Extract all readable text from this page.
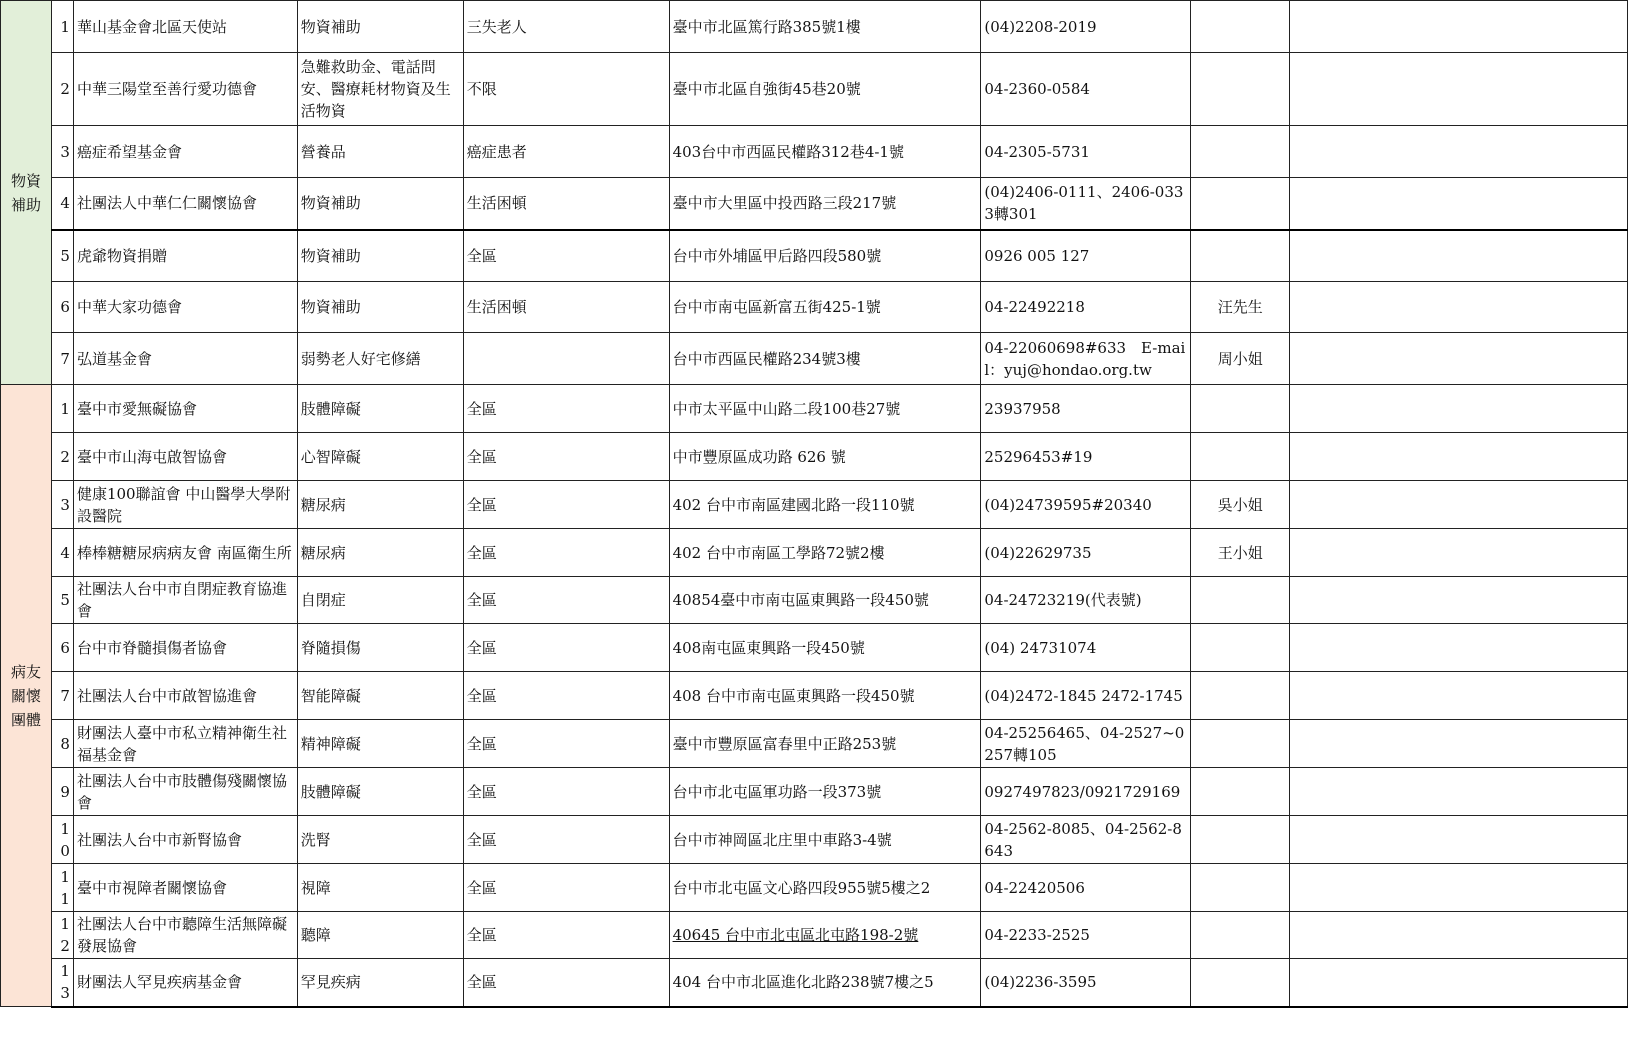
物資
補助	1	華山基金會北區天使站	物資補助	三失老人	臺中市北區篤行路385號1樓	(04)2208-2019		
	2	中華三陽堂至善行愛功德會	急難救助金、電話問安、醫療耗材物資及生活物資	不限	臺中市北區自強街45巷20號	04-2360-0584		
	3	癌症希望基金會	營養品	癌症患者	403台中市西區民權路312巷4-1號	04-2305-5731		
	4	社團法人中華仁仁關懷協會	物資補助	生活困頓	臺中市大里區中投西路三段217號	(04)2406-0111、2406-0333轉301		
	5	虎爺物資捐贈	物資補助	全區	台中市外埔區甲后路四段580號	0926 005 127		
	6	中華大家功德會	物資補助	生活困頓	台中市南屯區新富五街425-1號	04-22492218	汪先生	
	7	弘道基金會	弱勢老人好宅修繕		台中市西區民權路234號3樓	04-22060698#633　E-mail：yuj@hondao.org.tw	周小姐	

病友
關懷
團體	1	臺中市愛無礙協會	肢體障礙	全區	中市太平區中山路二段100巷27號	23937958		
	2	臺中市山海屯啟智協會	心智障礙	全區	中市豐原區成功路 626 號	25296453#19		
	3	健康100聯誼會 中山醫學大學附設醫院	糖尿病	全區	402 台中市南區建國北路一段110號	(04)24739595#20340	吳小姐	
	4	棒棒糖糖尿病病友會 南區衛生所	糖尿病	全區	402 台中市南區工學路72號2樓	(04)22629735	王小姐	
	5	社團法人台中市自閉症教育協進會	自閉症	全區	40854臺中市南屯區東興路一段450號	04-24723219(代表號)		
	6	台中市脊髓損傷者協會	脊隨損傷	全區	408南屯區東興路一段450號	(04) 24731074		
	7	社團法人台中市啟智協進會	智能障礙	全區	408 台中市南屯區東興路一段450號	(04)2472-1845 2472-1745		
	8	財團法人臺中市私立精神衛生社福基金會	精神障礙	全區	臺中市豐原區富春里中正路253號	04-25256465、04-2527~0257轉105		
	9	社團法人台中市肢體傷殘關懷協會	肢體障礙	全區	台中市北屯區軍功路一段373號	0927497823/0921729169		
	10	社團法人台中市新腎協會	洗腎	全區	台中市神岡區北庄里中車路3-4號	04-2562-8085、04-2562-8643		
	11	臺中市視障者關懷協會	視障	全區	台中市北屯區文心路四段955號5樓之2	04-22420506		
	12	社團法人台中市聽障生活無障礙發展協會	聽障	全區	40645 台中市北屯區北屯路198-2號	04-2233-2525		
	13	財團法人罕見疾病基金會	罕見疾病	全區	404 台中市北區進化北路238號7樓之5	(04)2236-3595		
